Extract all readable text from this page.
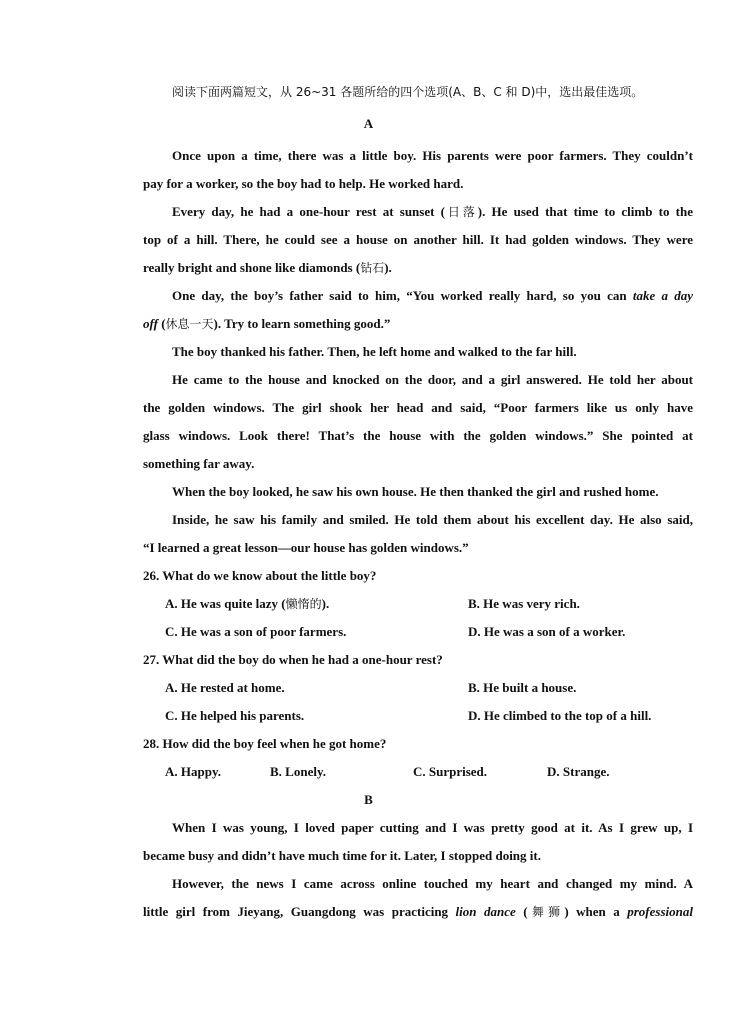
阅读下面两篇短文，从 26~31 各题所给的四个选项(A、B、C 和 D)中，选出最佳选项。
A
Once upon a time, there was a little boy. His parents were poor farmers. They couldn’t
pay for a worker, so the boy had to help. He worked hard.
Every day, he had a one-hour rest at sunset (日落). He used that time to climb to the
top of a hill. There, he could see a house on another hill. It had golden windows. They were
really bright and shone like diamonds (钻石).
One day, the boy’s father said to him, “You worked really hard, so you can take a day
off (休息一天). Try to learn something good.”
The boy thanked his father. Then, he left home and walked to the far hill.
He came to the house and knocked on the door, and a girl answered. He told her about
the golden windows. The girl shook her head and said, “Poor farmers like us only have
glass windows. Look there! That’s the house with the golden windows.” She pointed at
something far away.
When the boy looked, he saw his own house. He then thanked the girl and rushed home.
Inside, he saw his family and smiled. He told them about his excellent day. He also said,
“I learned a great lesson—our house has golden windows.”
26. What do we know about the little boy?
A. He was quite lazy (懒惰的).	B. He was very rich.
C. He was a son of poor farmers.	D. He was a son of a worker.
27. What did the boy do when he had a one-hour rest?
A. He rested at home.	B. He built a house.
C. He helped his parents.	D. He climbed to the top of a hill.
28. How did the boy feel when he got home?
A. Happy.	B. Lonely.	C. Surprised.	D. Strange.
B
When I was young, I loved paper cutting and I was pretty good at it. As I grew up, I
became busy and didn’t have much time for it. Later, I stopped doing it.
However, the news I came across online touched my heart and changed my mind. A
little girl from Jieyang, Guangdong was practicing lion dance (舞狮) when a professional
